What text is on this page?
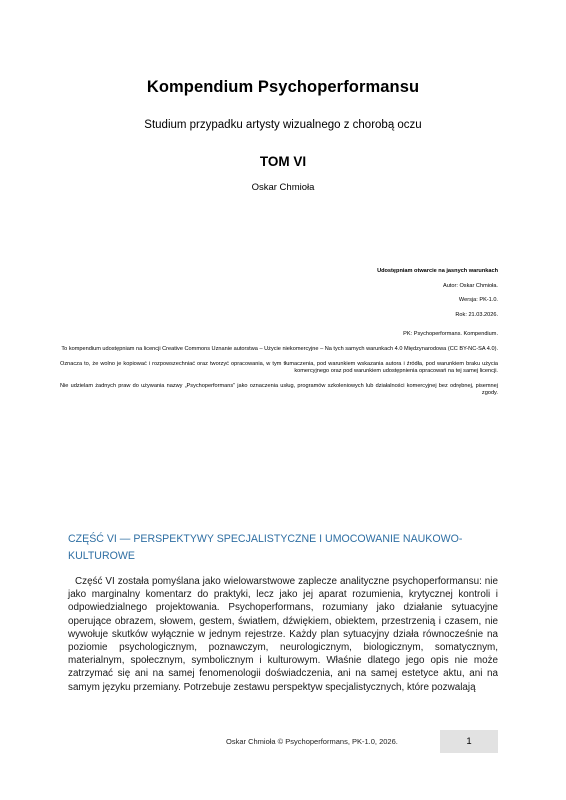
Kompendium Psychoperformansu
Studium przypadku artysty wizualnego z chorobą oczu
TOM VI
Oskar Chmioła

Udostępniam otwarcie na jasnych warunkach

Autor: Oskar Chmioła.

Wersja: PK-1.0.

Rok: 21.03.2026.

PK: Psychoperformans. Kompendium.

To kompendium udostępniam na licencji Creative Commons Uznanie autorstwa – Użycie niekomercyjne – Na tych samych warunkach 4.0 Międzynarodowa (CC BY-NC-SA 4.0).

Oznacza to, że wolno je kopiować i rozpowszechniać oraz tworzyć opracowania, w tym tłumaczenia, pod warunkiem wskazania autora i źródła, pod warunkiem braku użycia komercyjnego oraz pod warunkiem udostępnienia opracowań na tej samej licencji.

Nie udzielam żadnych praw do używania nazwy „Psychoperformans” jako oznaczenia usług, programów szkoleniowych lub działalności komercyjnej bez odrębnej, pisemnej zgody.

CZĘŚĆ VI — PERSPEKTYWY SPECJALISTYCZNE I UMOCOWANIE NAUKOWO-KULTUROWE

Część VI została pomyślana jako wielowarstwowe zaplecze analityczne psychoperformansu: nie jako marginalny komentarz do praktyki, lecz jako jej aparat rozumienia, krytycznej kontroli i odpowiedzialnego projektowania. Psychoperformans, rozumiany jako działanie sytuacyjne operujące obrazem, słowem, gestem, światłem, dźwiękiem, obiektem, przestrzenią i czasem, nie wywołuje skutków wyłącznie w jednym rejestrze. Każdy plan sytuacyjny działa równocześnie na poziomie psychologicznym, poznawczym, neurologicznym, biologicznym, somatycznym, materialnym, społecznym, symbolicznym i kulturowym. Właśnie dlatego jego opis nie może zatrzymać się ani na samej fenomenologii doświadczenia, ani na samej estetyce aktu, ani na samym języku przemiany. Potrzebuje zestawu perspektyw specjalistycznych, które pozwalają

Oskar Chmioła © Psychoperformans, PK-1.0, 2026.	1
